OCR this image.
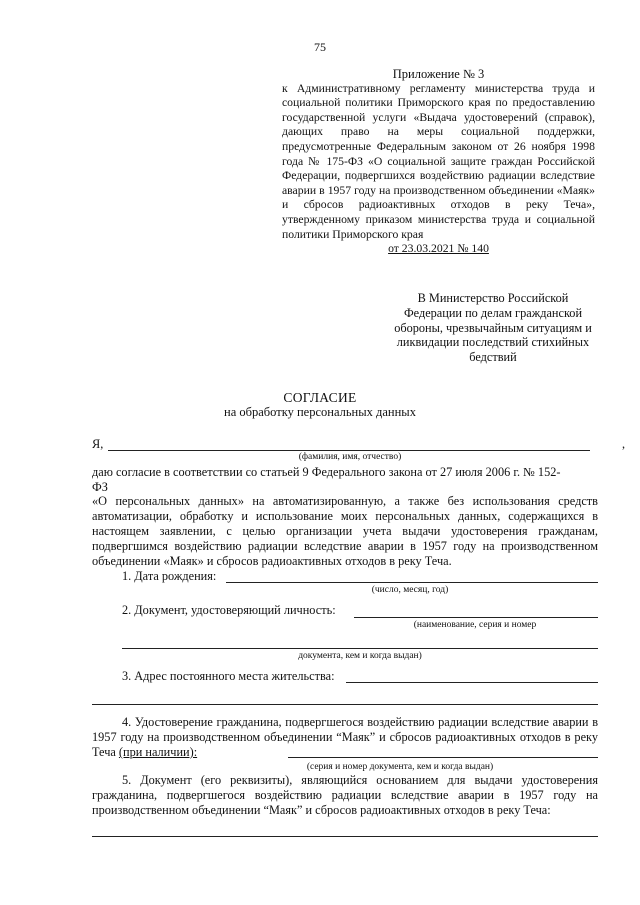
75
Приложение № 3
к Административному регламенту министерства труда и социальной политики Приморского края по предоставлению государственной услуги «Выдача удостоверений (справок), дающих право на меры социальной поддержки, предусмотренные Федеральным законом от 26 ноября 1998 года № 175-ФЗ «О социальной защите граждан Российской Федерации, подвергшихся воздействию радиации вследствие аварии в 1957 году на производственном объединении «Маяк» и сбросов радиоактивных отходов в реку Теча», утвержденному приказом министерства труда и социальной политики Приморского края
от 23.03.2021 № 140
В Министерство Российской Федерации по делам гражданской обороны, чрезвычайным ситуациям и ликвидации последствий стихийных бедствий
СОГЛАСИЕ
на обработку персональных данных
Я,	,
(фамилия, имя, отчество)
даю согласие в соответствии со статьей 9 Федерального закона от 27 июля 2006 г. № 152-
ФЗ
«О персональных данных» на автоматизированную, а также без использования средств автоматизации, обработку и использование моих персональных данных, содержащихся в настоящем заявлении, с целью организации учета выдачи удостоверения гражданам, подвергшимся воздействию радиации вследствие аварии в 1957 году на производственном объединении «Маяк» и сбросов радиоактивных отходов в реку Теча.
1. Дата рождения:
(число, месяц, год)
2. Документ, удостоверяющий личность:
(наименование, серия и номер
документа, кем и когда выдан)
3. Адрес постоянного места жительства:
4. Удостоверение гражданина, подвергшегося воздействию радиации вследствие аварии в 1957 году на производственном объединении “Маяк” и сбросов радиоактивных отходов в реку Теча (при наличии):
(серия и номер документа, кем и когда выдан)
5. Документ (его реквизиты), являющийся основанием для выдачи удостоверения гражданина, подвергшегося воздействию радиации вследствие аварии в 1957 году на производственном объединении “Маяк” и сбросов радиоактивных отходов в реку Теча:
